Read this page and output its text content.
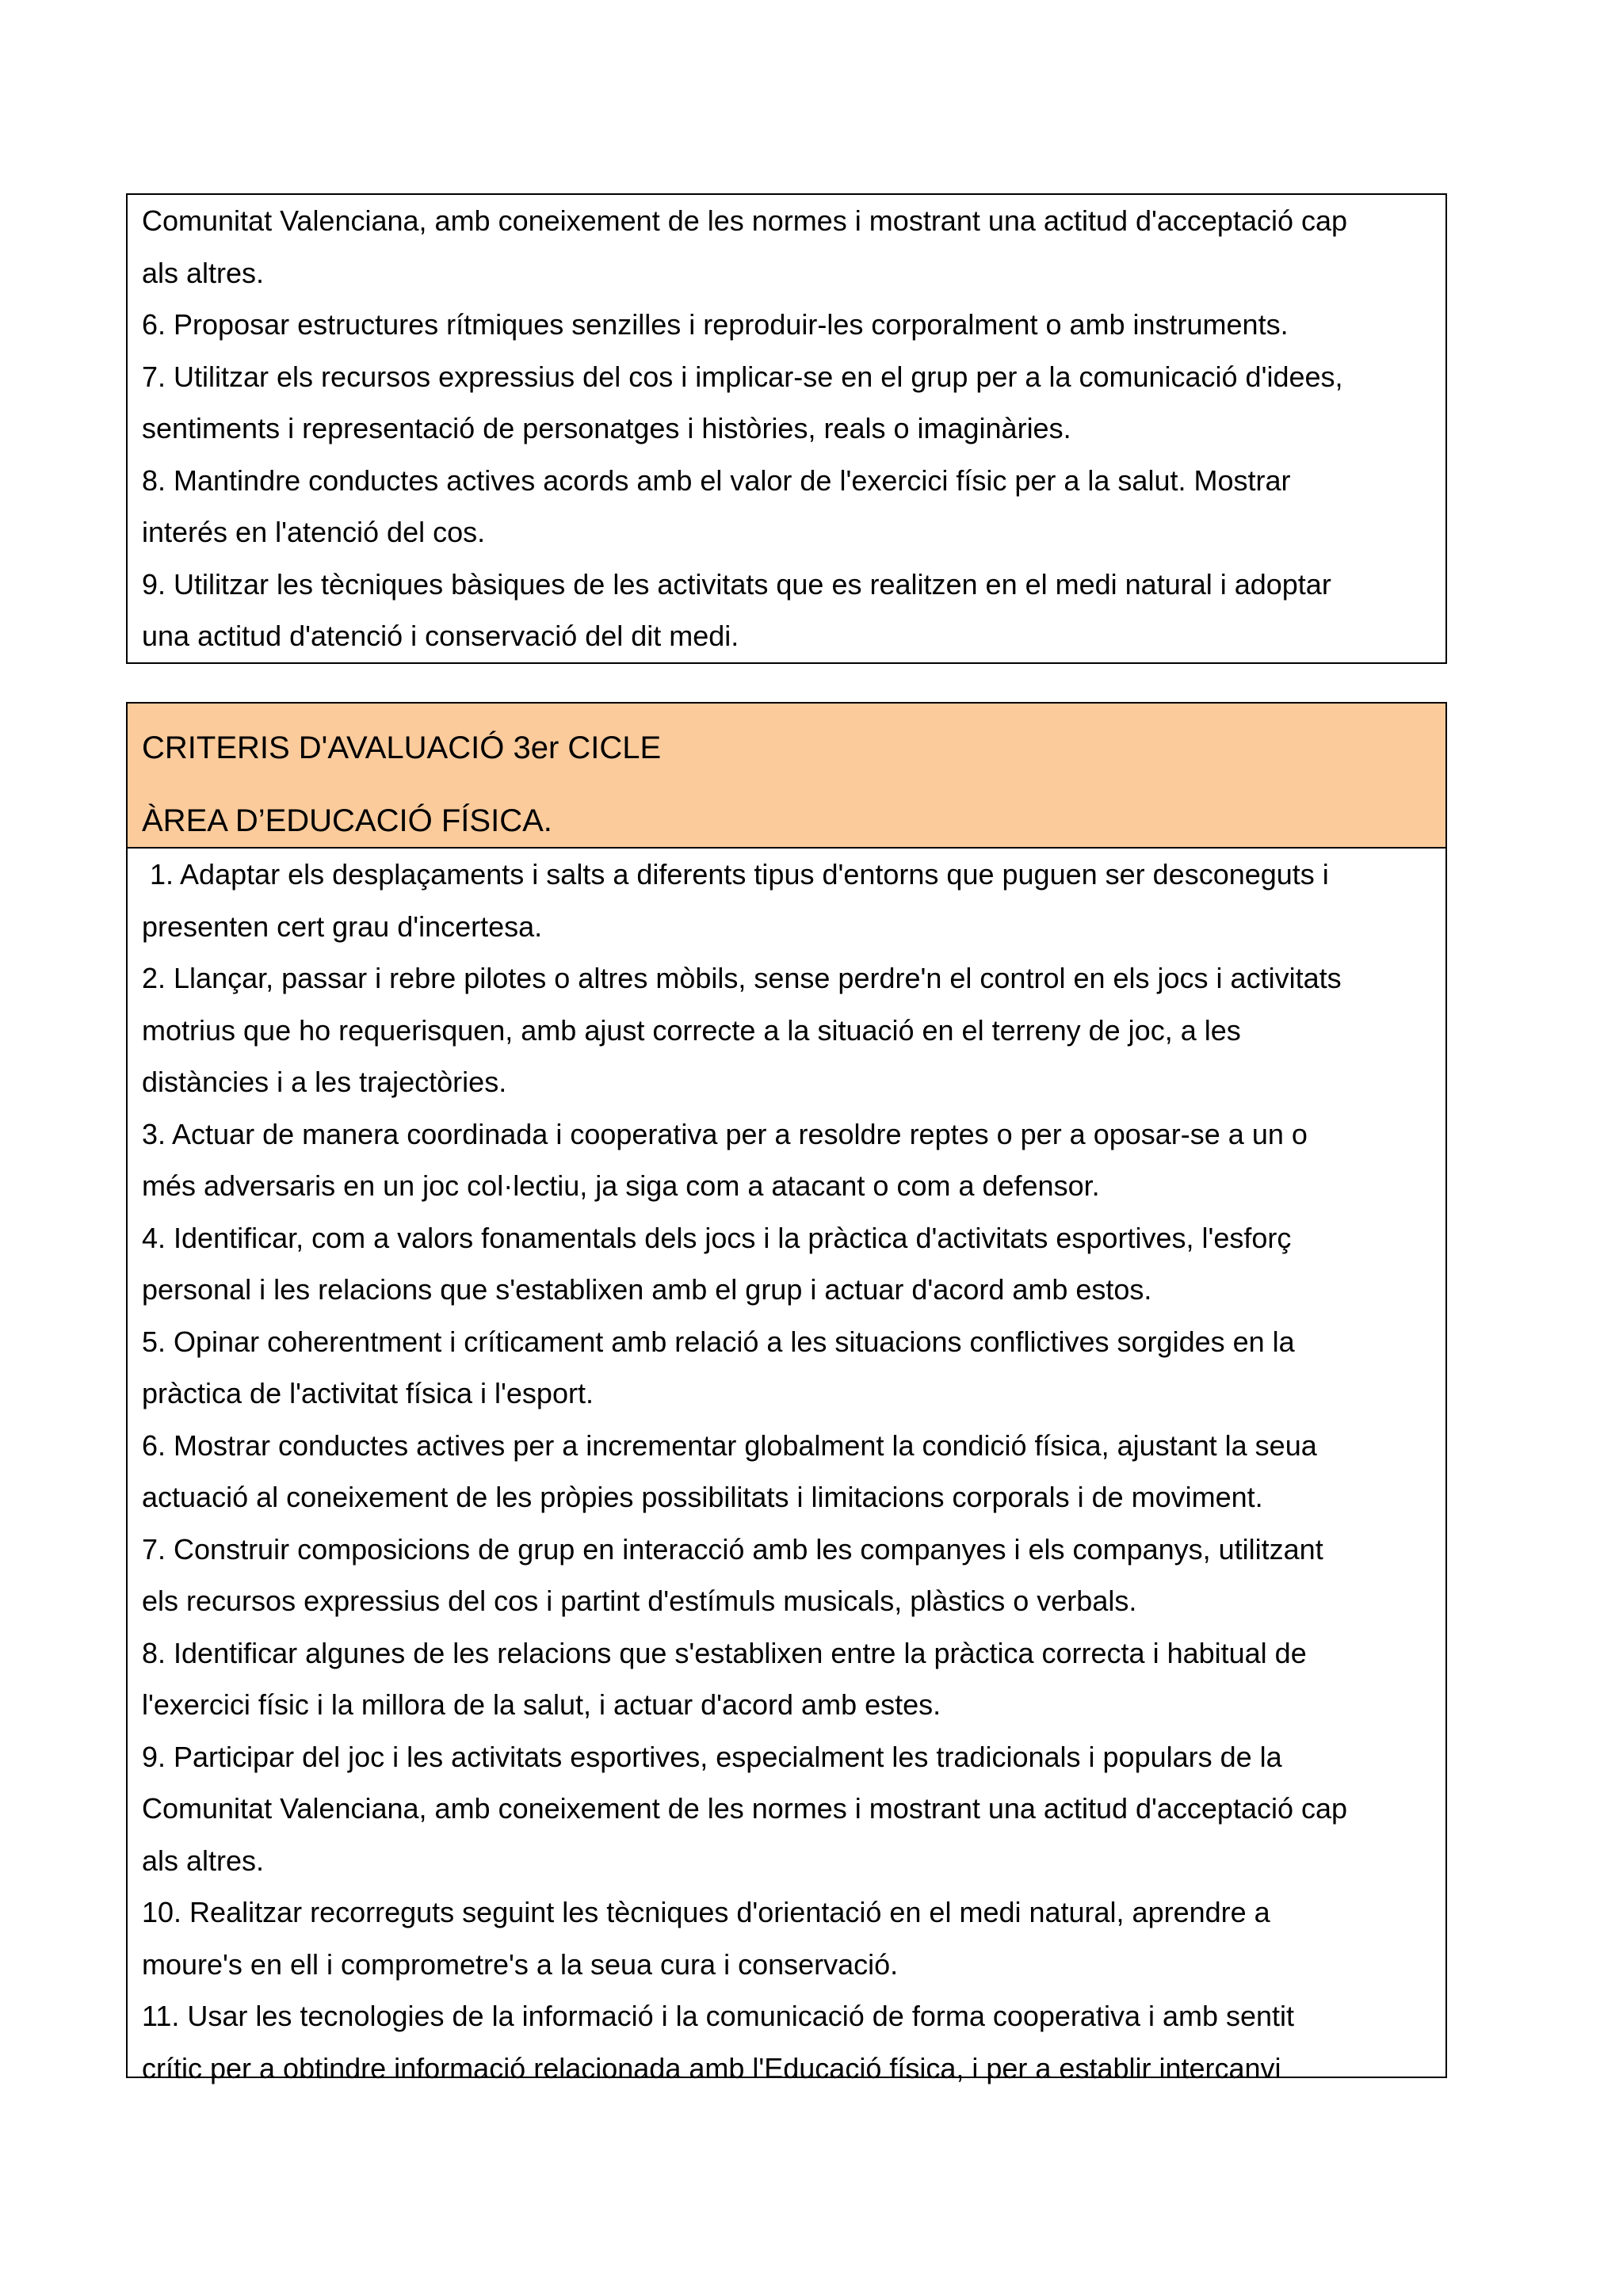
Comunitat Valenciana, amb coneixement de les normes i mostrant una actitud d'acceptació cap
als altres.
6. Proposar estructures rítmiques senzilles i reproduir-les corporalment o amb instruments.
7. Utilitzar els recursos expressius del cos i implicar-se en el grup per a la comunicació d'idees,
sentiments i representació de personatges i històries, reals o imaginàries.
8. Mantindre conductes actives acords amb el valor de l'exercici físic per a la salut. Mostrar
interés en l'atenció del cos.
9. Utilitzar les tècniques bàsiques de les activitats que es realitzen en el medi natural i adoptar
una actitud d'atenció i conservació del dit medi.
CRITERIS D'AVALUACIÓ 3er CICLE
ÀREA D’EDUCACIÓ FÍSICA.
1. Adaptar els desplaçaments i salts a diferents tipus d'entorns que puguen ser desconeguts i
presenten cert grau d'incertesa.
2. Llançar, passar i rebre pilotes o altres mòbils, sense perdre'n el control en els jocs i activitats
motrius que ho requerisquen, amb ajust correcte a la situació en el terreny de joc, a les
distàncies i a les trajectòries.
3. Actuar de manera coordinada i cooperativa per a resoldre reptes o per a oposar-se a un o
més adversaris en un joc col·lectiu, ja siga com a atacant o com a defensor.
4. Identificar, com a valors fonamentals dels jocs i la pràctica d'activitats esportives, l'esforç
personal i les relacions que s'establixen amb el grup i actuar d'acord amb estos.
5. Opinar coherentment i críticament amb relació a les situacions conflictives sorgides en la
pràctica de l'activitat física i l'esport.
6. Mostrar conductes actives per a incrementar globalment la condició física, ajustant la seua
actuació al coneixement de les pròpies possibilitats i limitacions corporals i de moviment.
7. Construir composicions de grup en interacció amb les companyes i els companys, utilitzant
els recursos expressius del cos i partint d'estímuls musicals, plàstics o verbals.
8. Identificar algunes de les relacions que s'establixen entre la pràctica correcta i habitual de
l'exercici físic i la millora de la salut, i actuar d'acord amb estes.
9. Participar del joc i les activitats esportives, especialment les tradicionals i populars de la
Comunitat Valenciana, amb coneixement de les normes i mostrant una actitud d'acceptació cap
als altres.
10. Realitzar recorreguts seguint les tècniques d'orientació en el medi natural, aprendre a
moure's en ell i comprometre's a la seua cura i conservació.
11. Usar les tecnologies de la informació i la comunicació de forma cooperativa i amb sentit
crític per a obtindre informació relacionada amb l'Educació física, i per a establir intercanvi
